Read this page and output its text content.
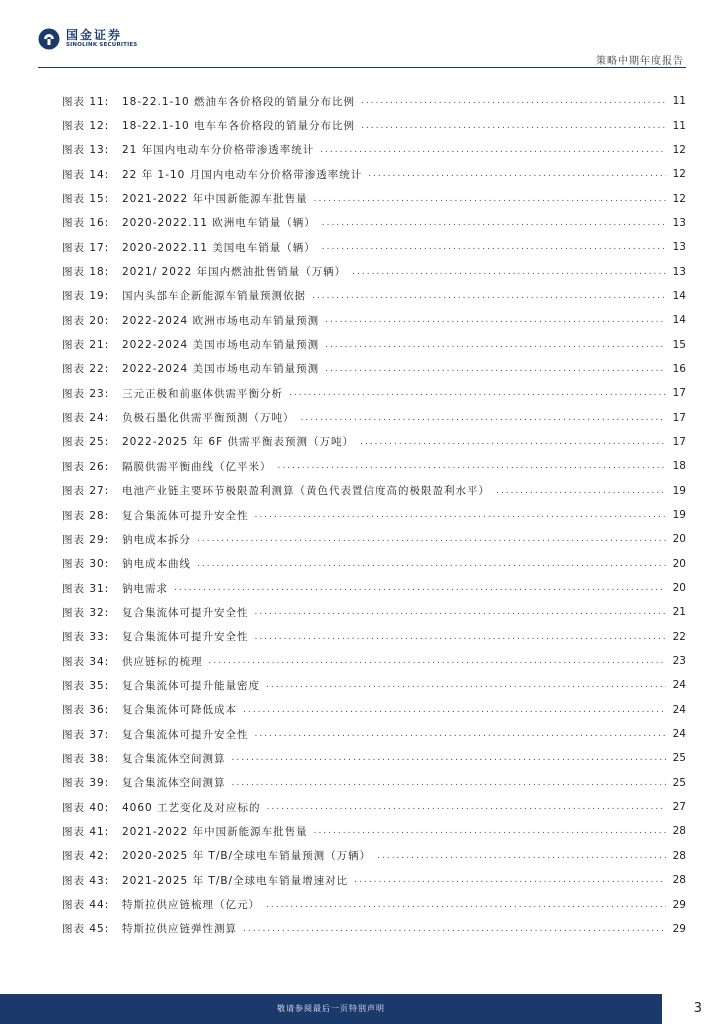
国金证券
SINOLINK SECURITIES
策略中期年度报告
图表 11:	18-22.1-10 燃油车各价格段的销量分布比例 .....	11
图表 12:	18-22.1-10 电车车各价格段的销量分布比例 .....	11
图表 13:	21 年国内电动车分价格带渗透率统计 .....	12
图表 14:	22 年 1-10 月国内电动车分价格带渗透率统计 .....	12
图表 15:	2021-2022 年中国新能源车批售量 .....	12
图表 16:	2020-2022.11 欧洲电车销量（辆） .....	13
图表 17:	2020-2022.11 美国电车销量（辆） .....	13
图表 18:	2021/ 2022 年国内燃油批售销量（万辆） .....	13
图表 19:	国内头部车企新能源车销量预测依据 .....	14
图表 20:	2022-2024 欧洲市场电动车销量预测 .....	14
图表 21:	2022-2024 美国市场电动车销量预测 .....	15
图表 22:	2022-2024 美国市场电动车销量预测 .....	16
图表 23:	三元正极和前驱体供需平衡分析 .....	17
图表 24:	负极石墨化供需平衡预测（万吨） .....	17
图表 25:	2022-2025 年 6F 供需平衡表预测（万吨） .....	17
图表 26:	隔膜供需平衡曲线（亿平米） .....	18
图表 27:	电池产业链主要环节极限盈利测算（黄色代表置信度高的极限盈利水平） .....	19
图表 28:	复合集流体可提升安全性 .....	19
图表 29:	钠电成本拆分 .....	20
图表 30:	钠电成本曲线 .....	20
图表 31:	钠电需求 .....	20
图表 32:	复合集流体可提升安全性 .....	21
图表 33:	复合集流体可提升安全性 .....	22
图表 34:	供应链标的梳理 .....	23
图表 35:	复合集流体可提升能量密度 .....	24
图表 36:	复合集流体可降低成本 .....	24
图表 37:	复合集流体可提升安全性 .....	24
图表 38:	复合集流体空间测算 .....	25
图表 39:	复合集流体空间测算 .....	25
图表 40:	4060 工艺变化及对应标的 .....	27
图表 41:	2021-2022 年中国新能源车批售量 .....	28
图表 42:	2020-2025 年 T/B/全球电车销量预测（万辆） .....	28
图表 43:	2021-2025 年 T/B/全球电车销量增速对比 .....	28
图表 44:	特斯拉供应链梳理（亿元） .....	29
图表 45:	特斯拉供应链弹性测算 .....	29
敬请参阅最后一页特别声明	3
